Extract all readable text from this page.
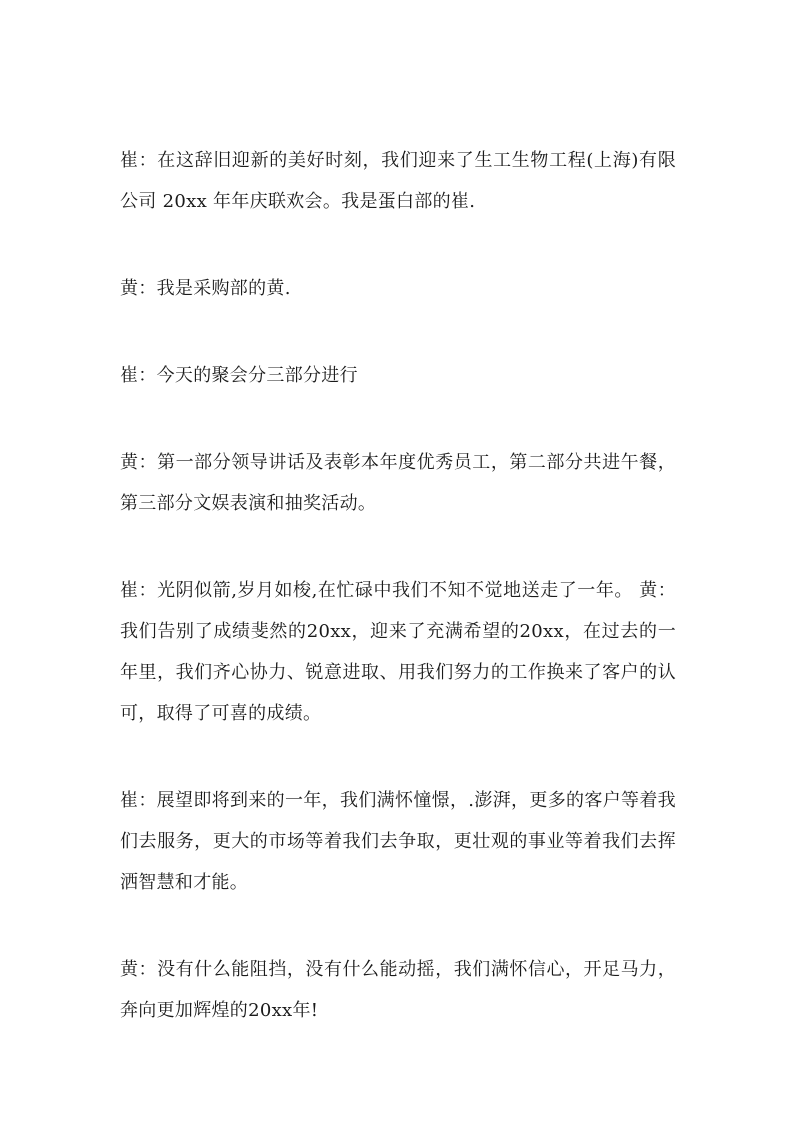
崔：在这辞旧迎新的美好时刻，我们迎来了生工生物工程(上海)有限公司 20xx 年年庆联欢会。我是蛋白部的崔.

黄：我是采购部的黄.

崔：今天的聚会分三部分进行

黄：第一部分领导讲话及表彰本年度优秀员工，第二部分共进午餐，第三部分文娱表演和抽奖活动。

崔：光阴似箭,岁月如梭,在忙碌中我们不知不觉地送走了一年。 黄：我们告别了成绩斐然的20xx，迎来了充满希望的20xx，在过去的一年里，我们齐心协力、锐意进取、用我们努力的工作换来了客户的认可，取得了可喜的成绩。

崔：展望即将到来的一年，我们满怀憧憬，.澎湃，更多的客户等着我们去服务，更大的市场等着我们去争取，更壮观的事业等着我们去挥洒智慧和才能。

黄：没有什么能阻挡，没有什么能动摇，我们满怀信心，开足马力，奔向更加辉煌的20xx年!
